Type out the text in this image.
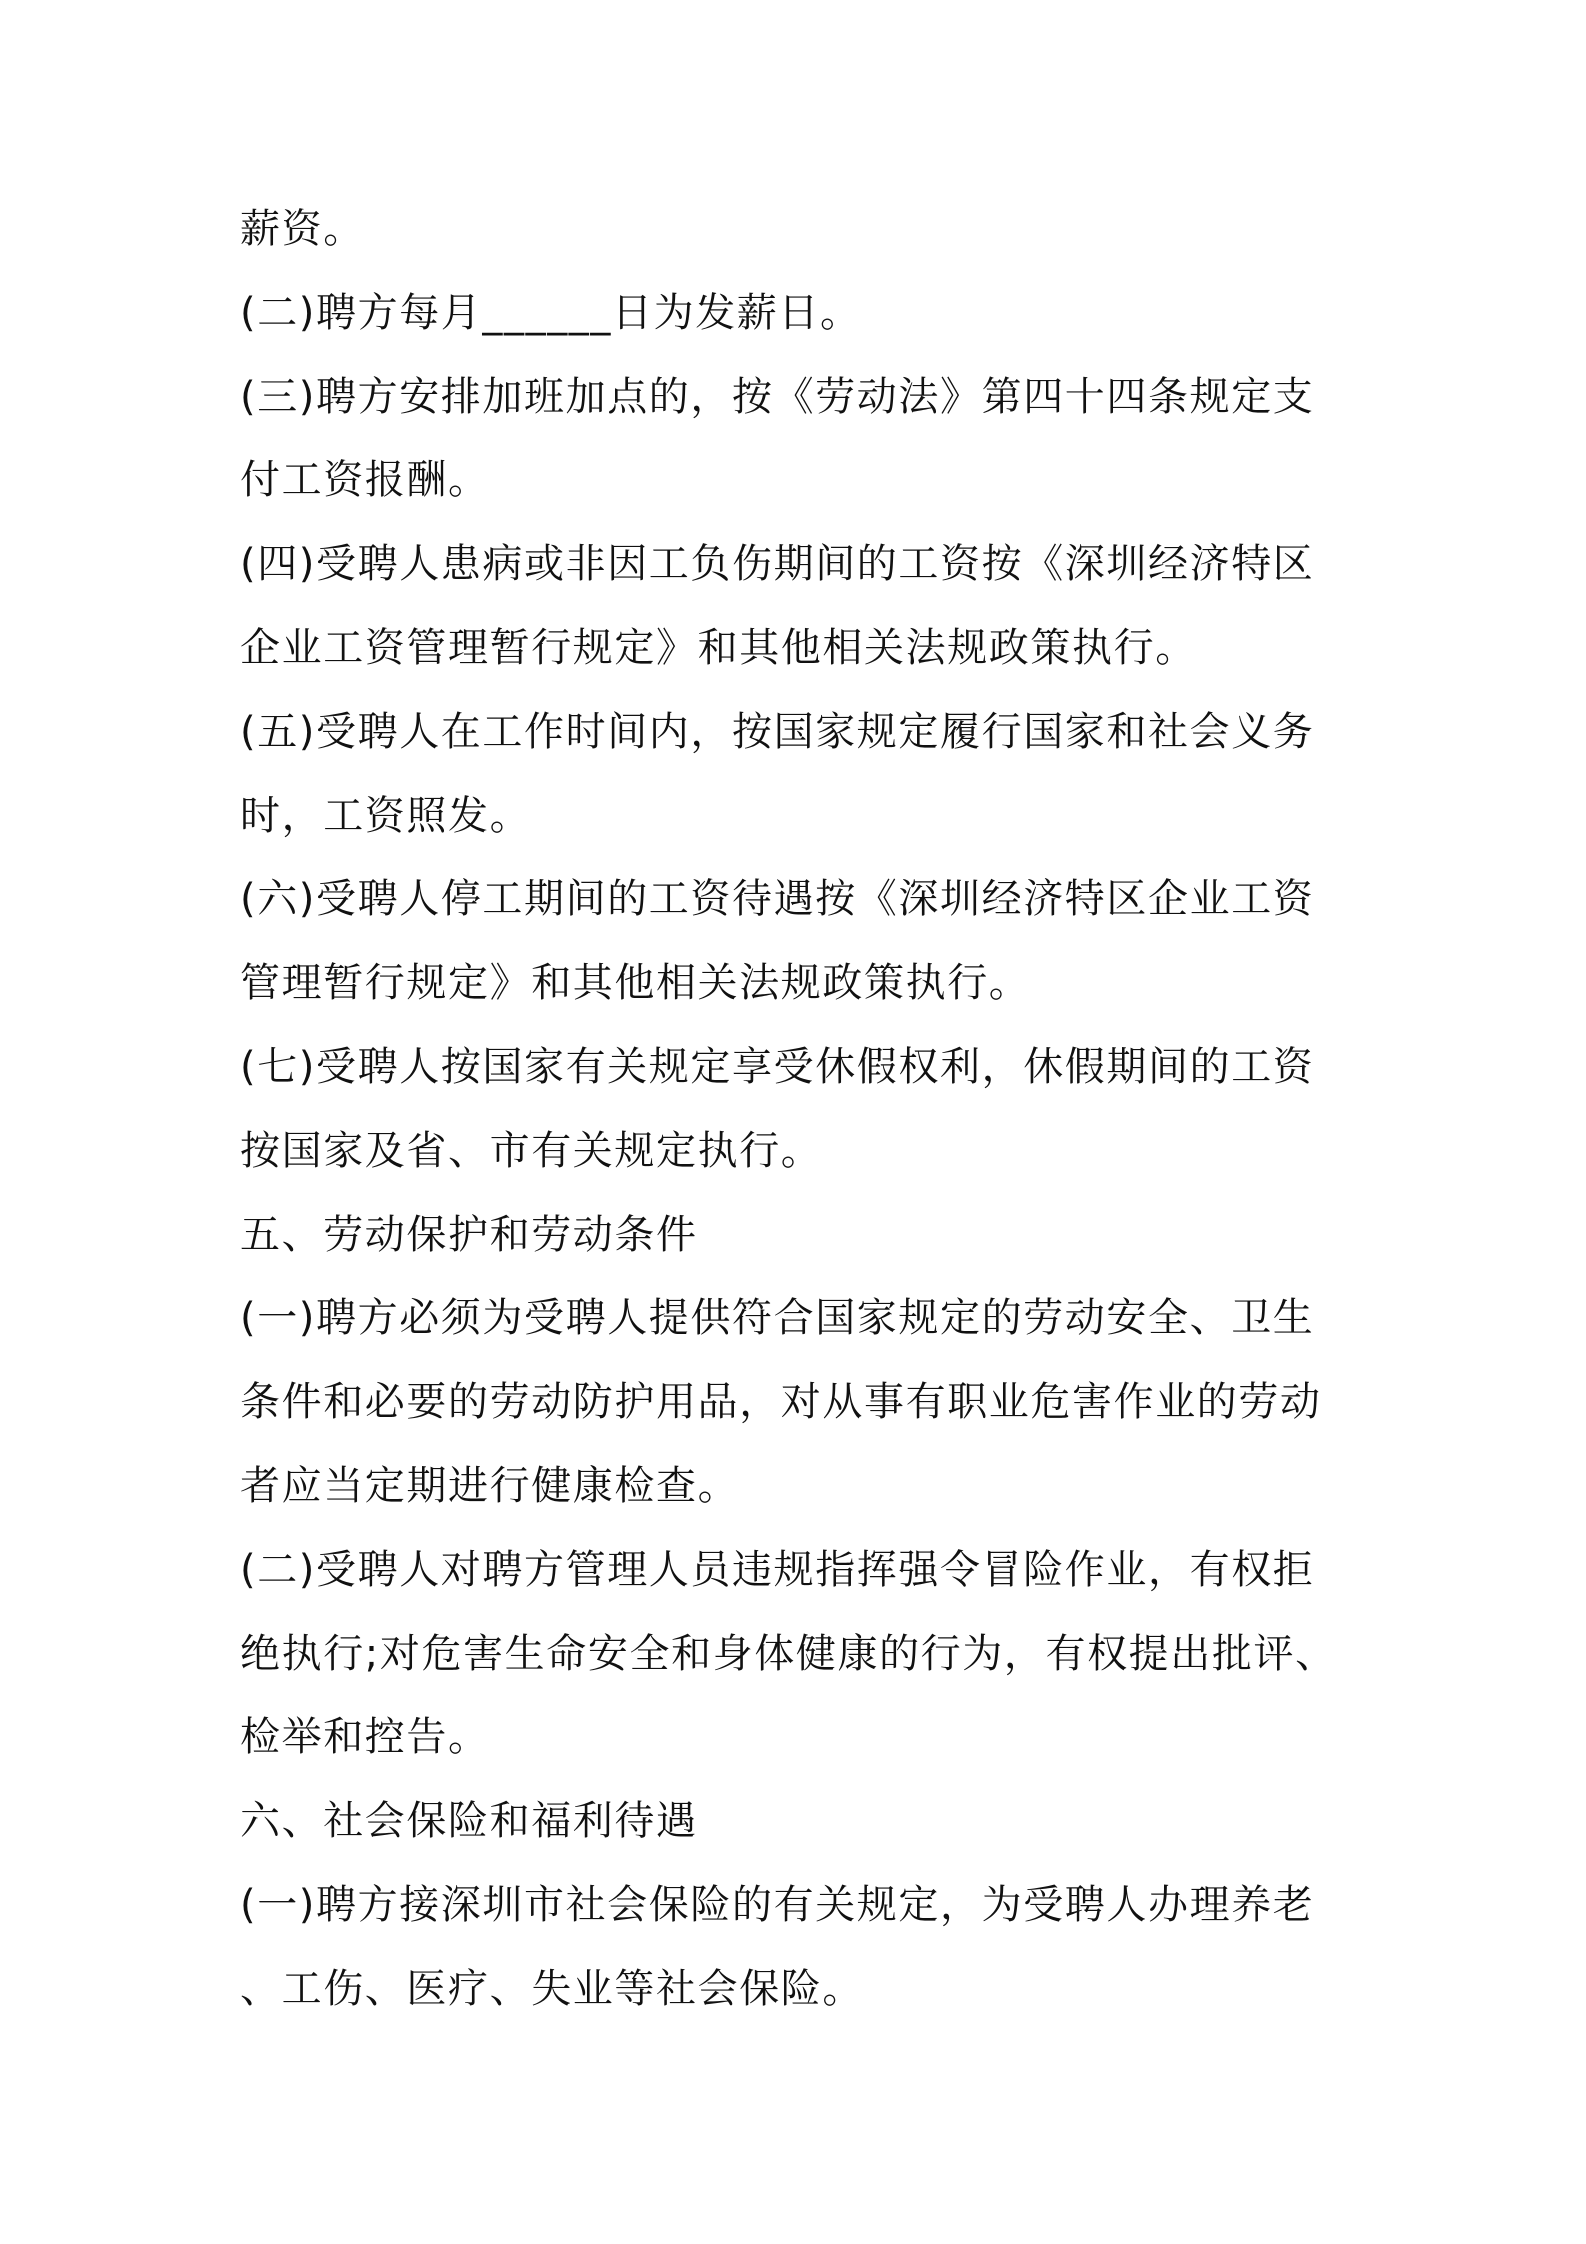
薪资。
(二)聘方每月______日为发薪日。
(三)聘方安排加班加点的，按《劳动法》第四十四条规定支
付工资报酬。
(四)受聘人患病或非因工负伤期间的工资按《深圳经济特区
企业工资管理暂行规定》和其他相关法规政策执行。
(五)受聘人在工作时间内，按国家规定履行国家和社会义务
时，工资照发。
(六)受聘人停工期间的工资待遇按《深圳经济特区企业工资
管理暂行规定》和其他相关法规政策执行。
(七)受聘人按国家有关规定享受休假权利，休假期间的工资
按国家及省、市有关规定执行。
五、劳动保护和劳动条件
(一)聘方必须为受聘人提供符合国家规定的劳动安全、卫生
条件和必要的劳动防护用品，对从事有职业危害作业的劳动
者应当定期进行健康检查。
(二)受聘人对聘方管理人员违规指挥强令冒险作业，有权拒
绝执行;对危害生命安全和身体健康的行为，有权提出批评、
检举和控告。
六、社会保险和福利待遇
(一)聘方接深圳市社会保险的有关规定，为受聘人办理养老
、工伤、医疗、失业等社会保险。
